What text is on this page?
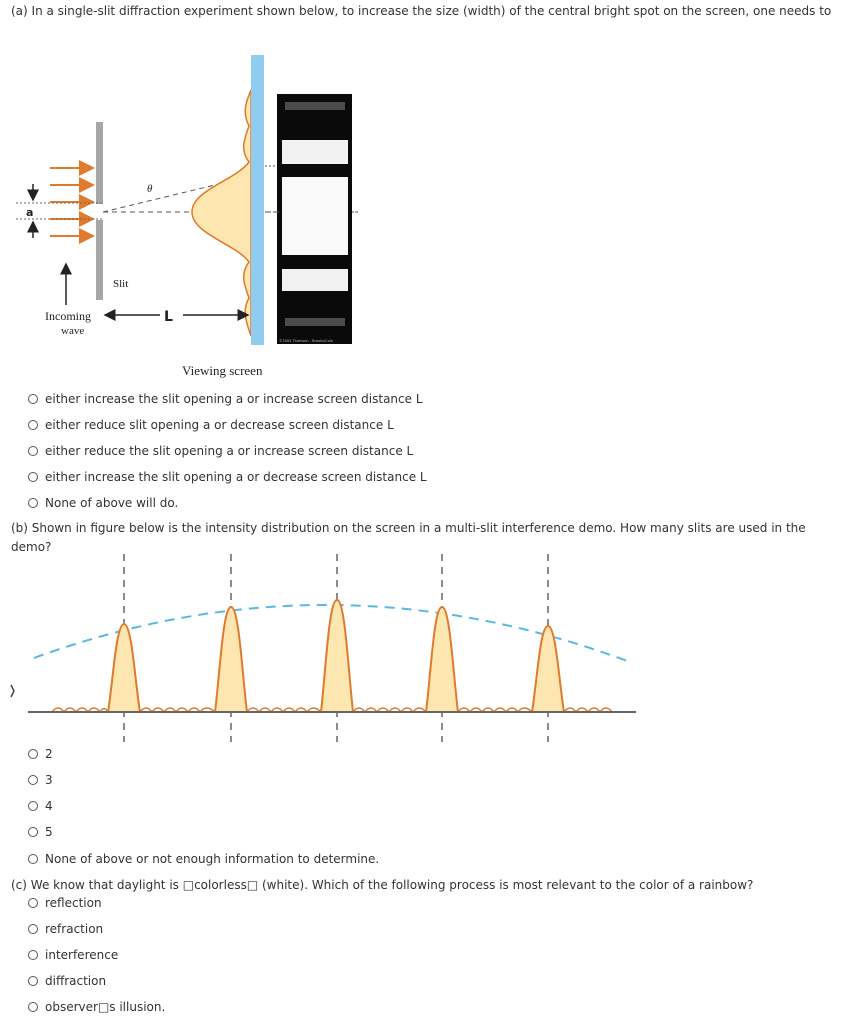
(a) In a single-slit diffraction experiment shown below, to increase the size (width) of the central bright spot on the screen, one needs to
θ
a
Slit
Incoming
wave
L
Viewing screen
©2004 Thomson - Brooks/Cole
either increase the slit opening a or increase screen distance L
either reduce slit opening a or decrease screen distance L
either reduce the slit opening a or increase screen distance L
either increase the slit opening a or decrease screen distance L
None of above will do.
(b) Shown in figure below is the intensity distribution on the screen in a multi-slit interference demo. How many slits are used in the demo?
2
3
4
5
None of above or not enough information to determine.
(c) We know that daylight is □colorless□ (white). Which of the following process is most relevant to the color of a rainbow?
reflection
refraction
interference
diffraction
observer□s illusion.
